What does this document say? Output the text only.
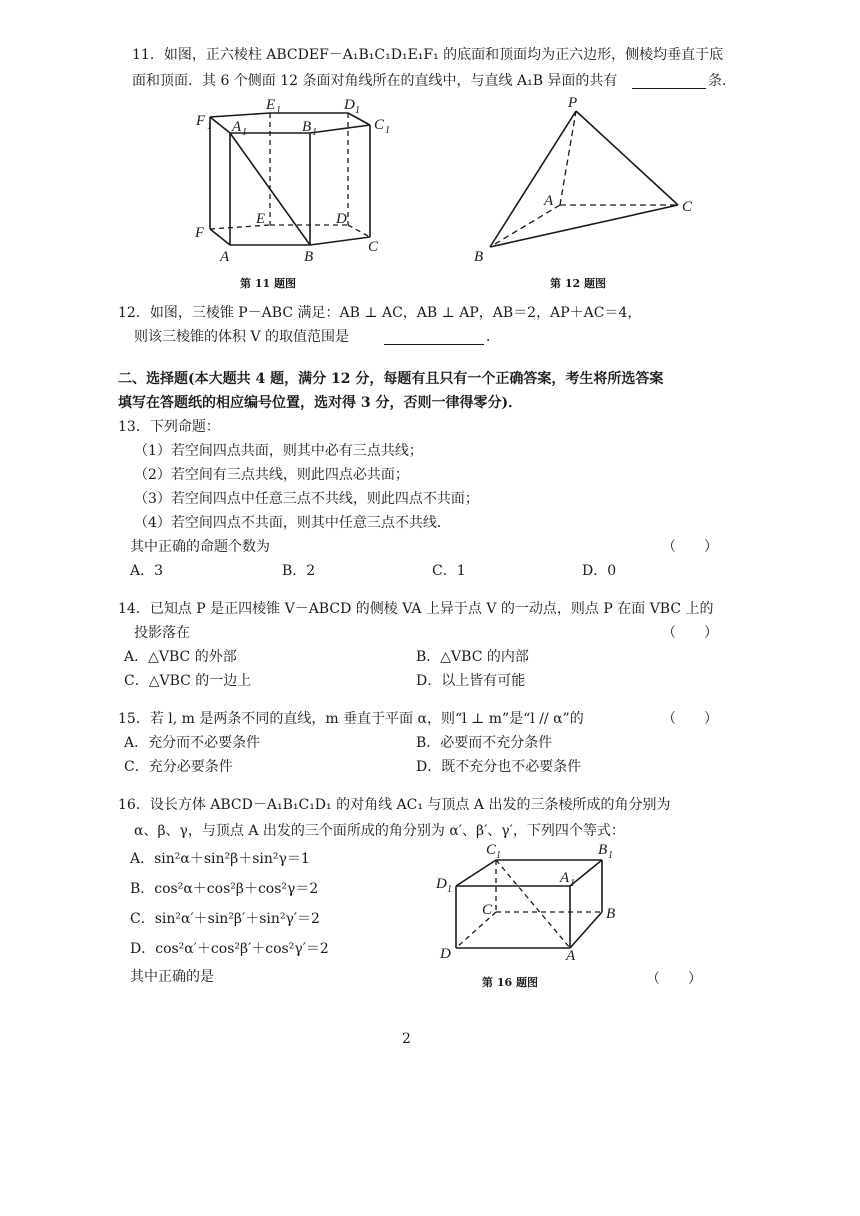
11．如图，正六棱柱 ABCDEF－A₁B₁C₁D₁E₁F₁ 的底面和顶面均为正六边形，侧棱均垂直于底
面和顶面．其 6 个侧面 12 条面对角线所在的直线中，与直线 A₁B 异面的共有	条．
F 1 A 1	B 1	C 1
D 1
E 1
F
A	B
C
D
E
第 11 题图
P
A	C
B
第 12 题图
12．如图，三棱锥 P－ABC 满足：AB ⊥ AC，AB ⊥ AP，AB＝2，AP＋AC＝4，
则该三棱锥的体积 V 的取值范围是	．
二、选择题(本大题共 4 题，满分 12 分，每题有且只有一个正确答案，考生将所选答案
填写在答题纸的相应编号位置，选对得 3 分，否则一律得零分)．
13．下列命题：
（1）若空间四点共面，则其中必有三点共线；
（2）若空间有三点共线，则此四点必共面；
（3）若空间四点中任意三点不共线，则此四点不共面；
（4）若空间四点不共面，则其中任意三点不共线．
其中正确的命题个数为	（　　）
A．3	B．2	C．1	D．0
14．已知点 P 是正四棱锥 V－ABCD 的侧棱 VA 上异于点 V 的一动点，则点 P 在面 VBC 上的
投影落在	（　　）
A．△VBC 的外部	B．△VBC 的内部
C．△VBC 的一边上	D．以上皆有可能
15．若 l, m 是两条不同的直线，m 垂直于平面 α，则“l ⊥ m”是“l // α”的	（　　）
A．充分而不必要条件	B．必要而不充分条件
C．充分必要条件	D．既不充分也不必要条件
16．设长方体 ABCD－A₁B₁C₁D₁ 的对角线 AC₁ 与顶点 A 出发的三条棱所成的角分别为
α、β、γ，与顶点 A 出发的三个面所成的角分别为 α′、β′、γ′，下列四个等式：
A．sin²α＋sin²β＋sin²γ＝1
B．cos²α＋cos²β＋cos²γ＝2
C．sin²α′＋sin²β′＋sin²γ′＝2
D．cos²α′＋cos²β′＋cos²γ′＝2
其中正确的是
C 1	B 1
D 1
A 1
C	B
D	A
第 16 题图	（　　）
2
